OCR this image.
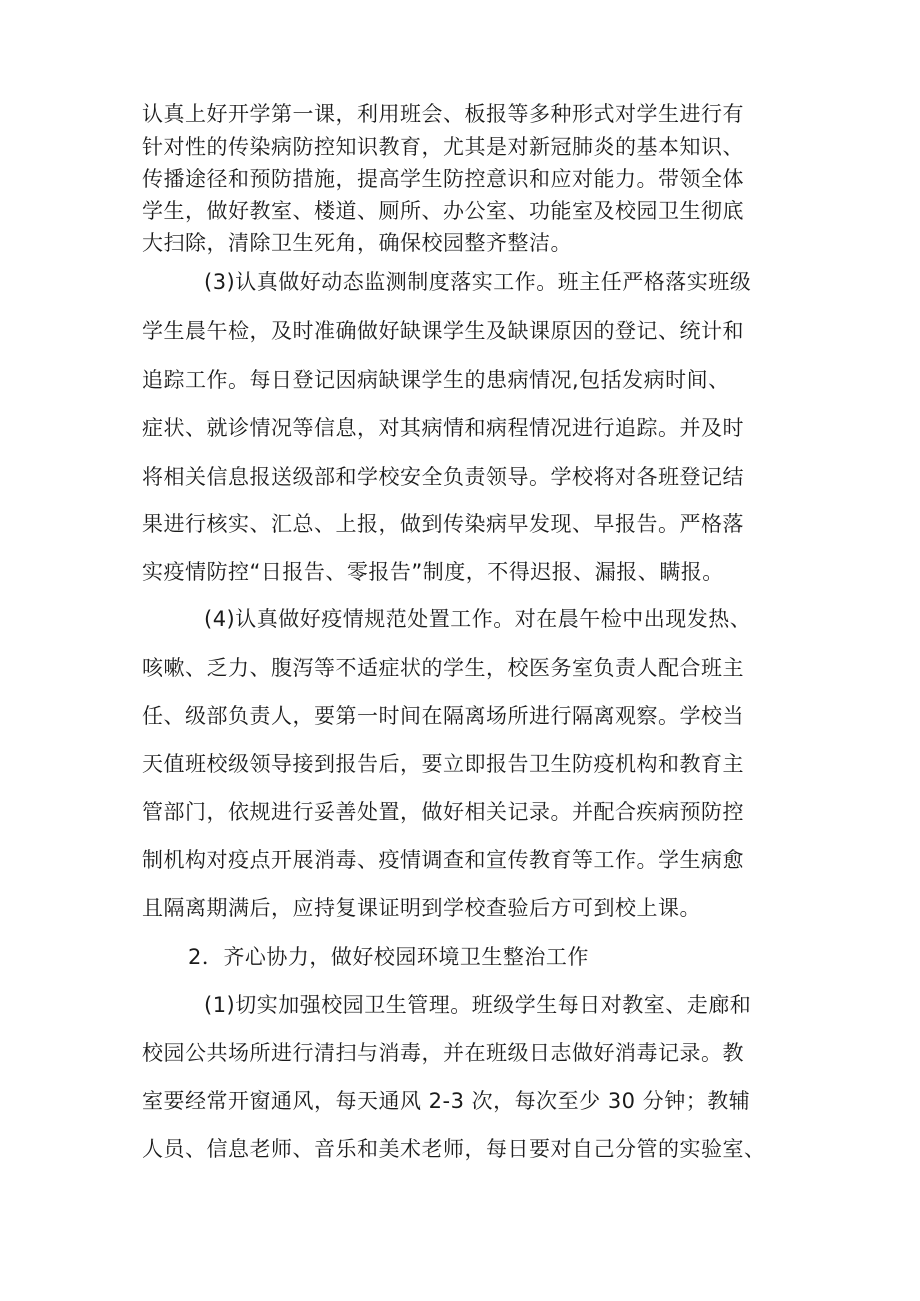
认真上好开学第一课，利用班会、板报等多种形式对学生进行有
针对性的传染病防控知识教育，尤其是对新冠肺炎的基本知识、
传播途径和预防措施，提高学生防控意识和应对能力。带领全体
学生，做好教室、楼道、厕所、办公室、功能室及校园卫生彻底
大扫除，清除卫生死角，确保校园整齐整洁。
(3)认真做好动态监测制度落实工作。班主任严格落实班级
学生晨午检，及时准确做好缺课学生及缺课原因的登记、统计和
追踪工作。每日登记因病缺课学生的患病情况,包括发病时间、
症状、就诊情况等信息，对其病情和病程情况进行追踪。并及时
将相关信息报送级部和学校安全负责领导。学校将对各班登记结
果进行核实、汇总、上报，做到传染病早发现、早报告。严格落
实疫情防控“日报告、零报告”制度，不得迟报、漏报、瞒报。
(4)认真做好疫情规范处置工作。对在晨午检中出现发热、
咳嗽、乏力、腹泻等不适症状的学生，校医务室负责人配合班主
任、级部负责人，要第一时间在隔离场所进行隔离观察。学校当
天值班校级领导接到报告后，要立即报告卫生防疫机构和教育主
管部门，依规进行妥善处置，做好相关记录。并配合疾病预防控
制机构对疫点开展消毒、疫情调查和宣传教育等工作。学生病愈
且隔离期满后，应持复课证明到学校查验后方可到校上课。
2．齐心协力，做好校园环境卫生整治工作
(1)切实加强校园卫生管理。班级学生每日对教室、走廊和
校园公共场所进行清扫与消毒，并在班级日志做好消毒记录。教
室要经常开窗通风，每天通风 2-3 次，每次至少 30 分钟；教辅
人员、信息老师、音乐和美术老师，每日要对自己分管的实验室、
